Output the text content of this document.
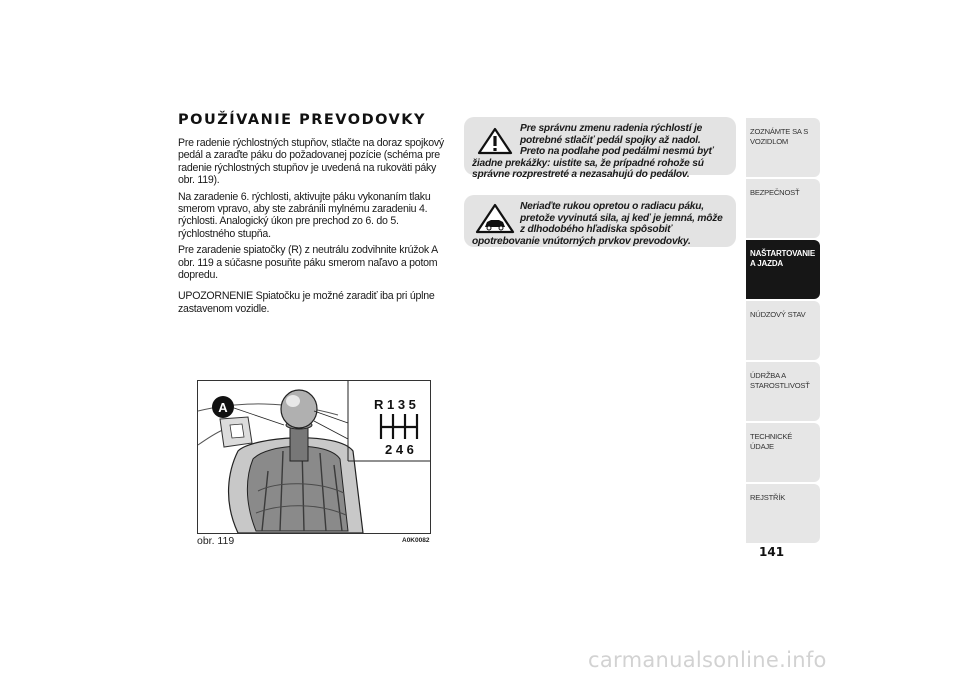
POUŽÍVANIE PREVODOVKY

Pre radenie rýchlostných stupňov, stlačte na doraz spojkový pedál a zaraďte páku do požadovanej pozície (schéma pre radenie rýchlostných stupňov je uvedená na rukoväti páky obr. 119).

Na zaradenie 6. rýchlosti, aktivujte páku vykonaním tlaku smerom vpravo, aby ste zabránili mylnému zaradeniu 4. rýchlosti. Analogický úkon pre prechod zo 6. do 5. rýchlostného stupňa.

Pre zaradenie spiatočky (R) z neutrálu zodvihnite krúžok A obr. 119 a súčasne posuňte páku smerom naľavo a potom dopredu.

UPOZORNENIE Spiatočku je možné zaradiť iba pri úplne zastavenom vozidle.

Pre správnu zmenu radenia rýchlostí je potrebné stlačiť pedál spojky až nadol. Preto na podlahe pod pedálmi nesmú byť žiadne prekážky: uistite sa, že prípadné rohože sú správne rozprestreté a nezasahujú do pedálov.
Neriaďte rukou opretou o radiacu páku, pretože vyvinutá sila, aj keď je jemná, môže z dlhodobého hľadiska spôsobiť opotrebovanie vnútorných prvkov prevodovky.
R 1 3 5
2 4 6
A
obr. 119	A0K0082
ZOZNÁMTE SA S
VOZIDLOM
BEZPEČNOSŤ
NAŠTARTOVANIE
A JAZDA
NÚDZOVÝ STAV
ÚDRŽBA A
STAROSTLIVOSŤ
TECHNICKÉ ÚDAJE
REJSTŘÍK
141
carmanualsonline.info
